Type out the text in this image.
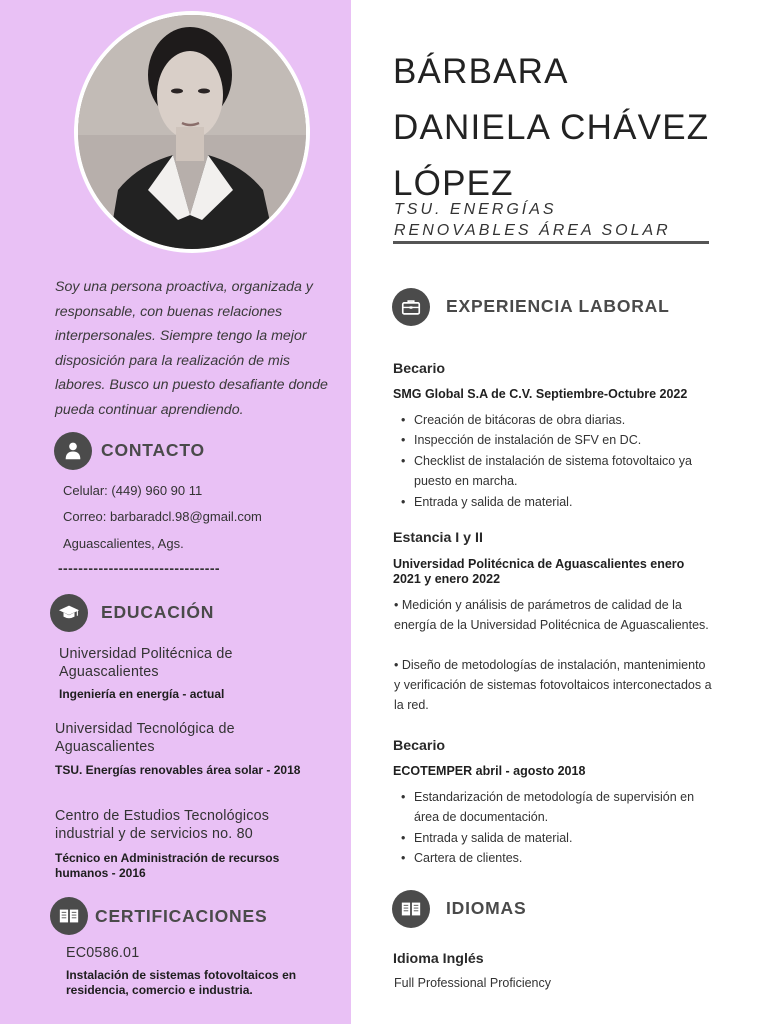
Soy una persona proactiva, organizada y responsable, con buenas relaciones interpersonales. Siempre tengo la mejor disposición para la realización de mis labores. Busco un puesto desafiante donde pueda continuar aprendiendo.

CONTACTO
Celular: (449) 960 90 11
Correo: barbaradcl.98@gmail.com
Aguascalientes, Ags.
--------------------------------
EDUCACIÓN
Universidad Politécnica de Aguascalientes
Ingeniería en energía - actual
Universidad Tecnológica de Aguascalientes
TSU. Energías renovables área solar - 2018
Centro de Estudios Tecnológicos industrial y de servicios no. 80
Técnico en Administración de recursos humanos - 2016
CERTIFICACIONES
EC0586.01
Instalación de sistemas fotovoltaicos en residencia, comercio e industria.
BÁRBARA
DANIELA CHÁVEZ
LÓPEZ
TSU. ENERGÍAS
RENOVABLES ÁREA SOLAR
EXPERIENCIA LABORAL
Becario
SMG Global S.A de C.V. Septiembre-Octubre 2022
• Creación de bitácoras de obra diarias.
• Inspección de instalación de SFV en DC.
• Checklist de instalación de sistema fotovoltaico ya puesto en marcha.
• Entrada y salida de material.
Estancia I y II
Universidad Politécnica de Aguascalientes enero 2021 y enero 2022

• Medición y análisis de parámetros de calidad de la energía de la Universidad Politécnica de Aguascalientes.

• Diseño de metodologías de instalación, mantenimiento y verificación de sistemas fotovoltaicos interconectados a la red.

Becario
ECOTEMPER abril - agosto 2018
• Estandarización de metodología de supervisión en área de documentación.
• Entrada y salida de material.
• Cartera de clientes.
IDIOMAS
Idioma Inglés
Full Professional Proficiency
